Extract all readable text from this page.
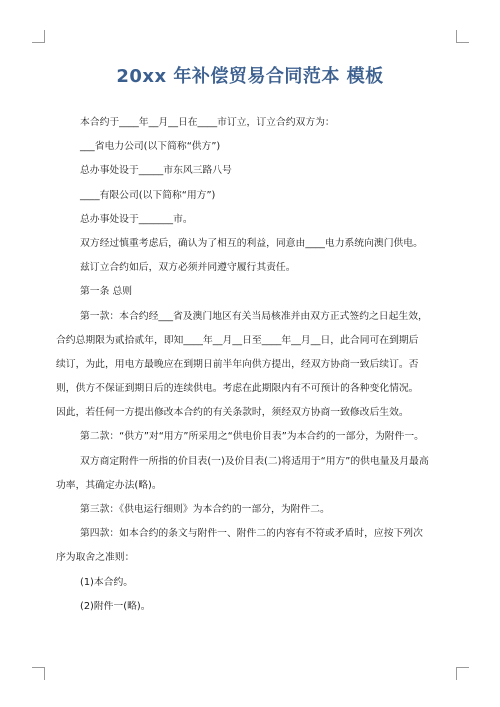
20xx 年补偿贸易合同范本 模板
本合约于____年__月__日在____市订立，订立合约双方为：
___省电力公司(以下简称“供方”)
总办事处设于_____市东风三路八号
____有限公司(以下简称“用方”)
总办事处设于_______市。
双方经过慎重考虑后，确认为了相互的利益，同意由____电力系统向澳门供电。
兹订立合约如后，双方必须并同遵守履行其责任。
第一条 总则
第一款：本合约经___省及澳门地区有关当局核准并由双方正式签约之日起生效，
合约总期限为贰拾贰年，即知____年__月__日至____年__月__日，此合同可在到期后
续订，为此，用电方最晚应在到期日前半年向供方提出，经双方协商一致后续订。否
则，供方不保证到期日后的连续供电。考虑在此期限内有不可预计的各种变化情况。
因此，若任何一方提出修改本合约的有关条款时，须经双方协商一致修改后生效。
第二款：“供方”对“用方”所采用之“供电价目表”为本合约的一部分，为附件一。
双方商定附件一所指的价目表(一)及价目表(二)将适用于“用方”的供电量及月最高
功率，其确定办法(略)。
第三款：《供电运行细则》为本合约的一部分，为附件二。
第四款：如本合约的条文与附件一、附件二的内容有不符或矛盾时，应按下列次
序为取舍之准则：
(1)本合约。
(2)附件一(略)。
